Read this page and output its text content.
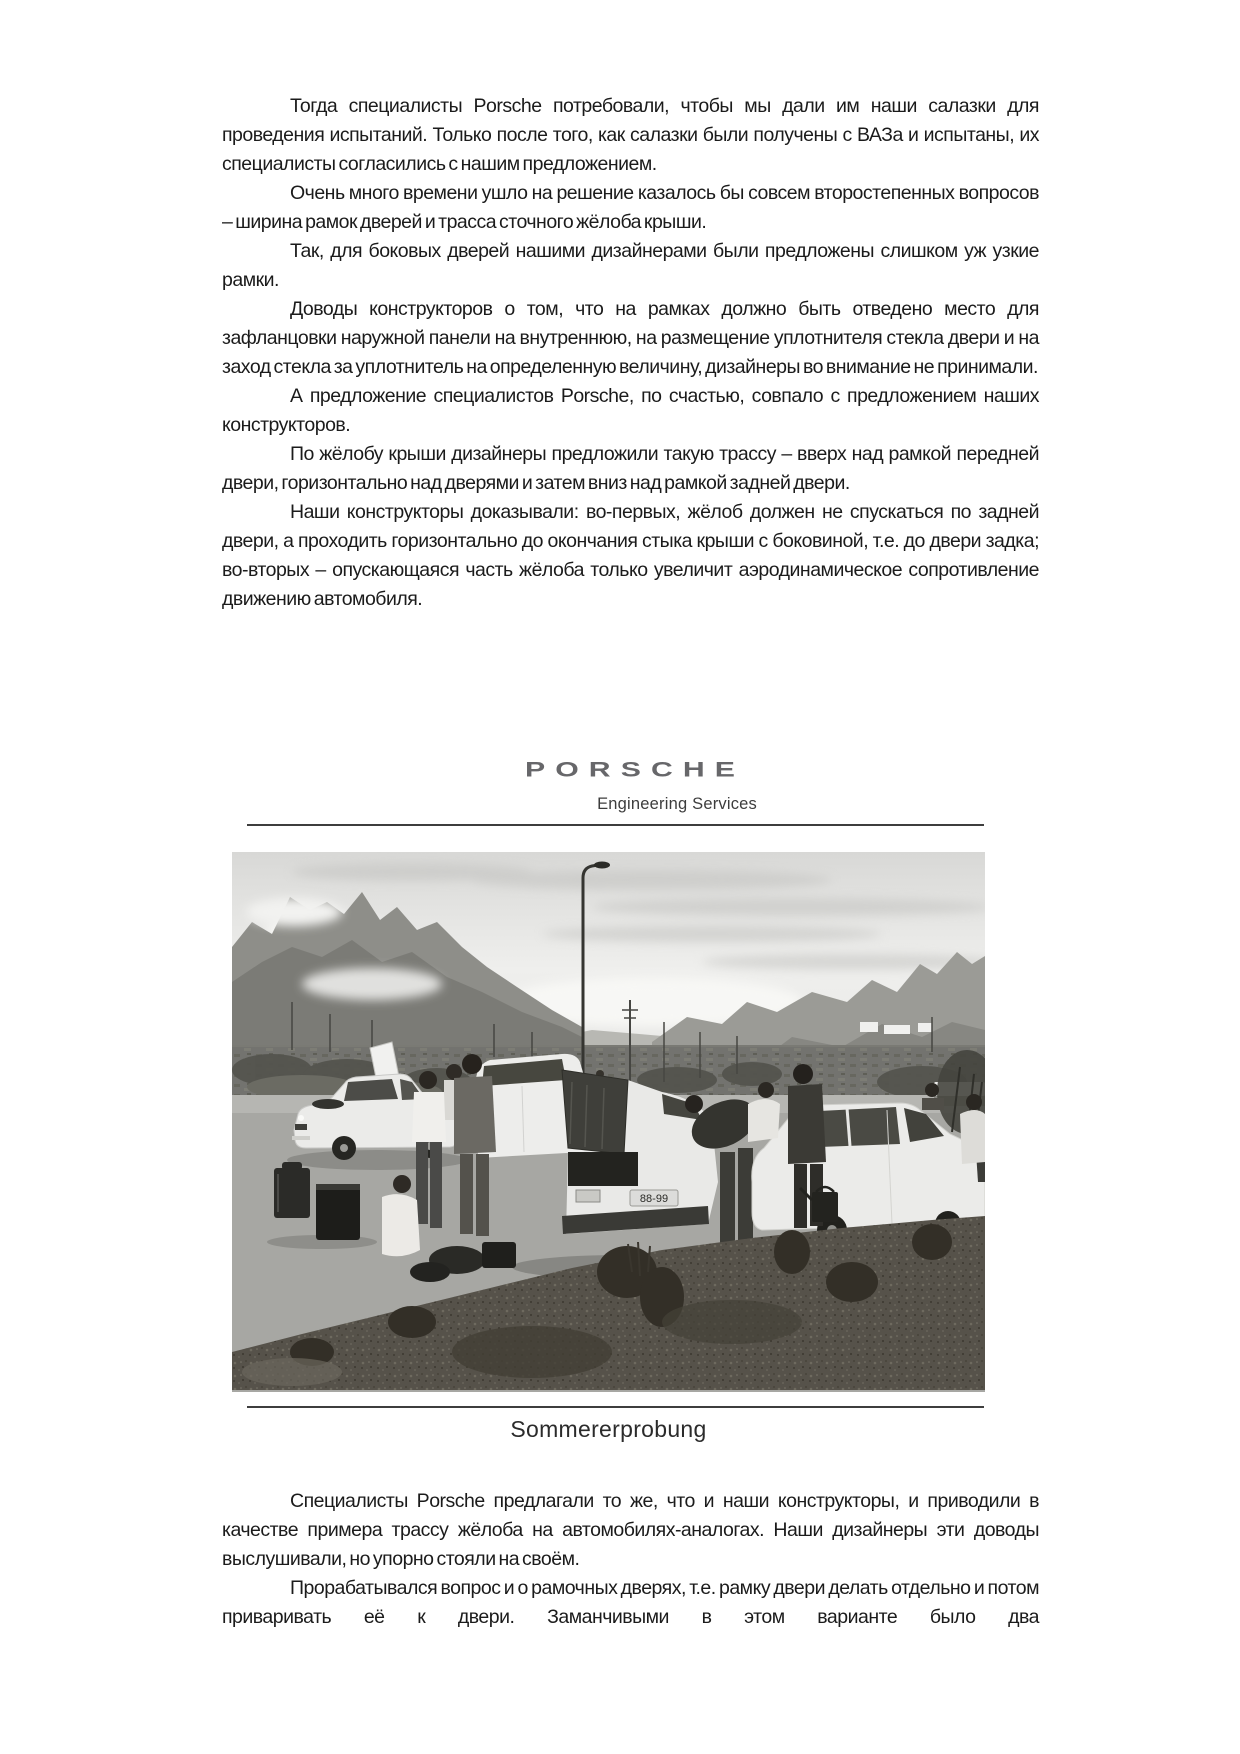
Тогда специалисты Porsche потребовали, чтобы мы дали им наши салазки для проведения испытаний. Только после того, как салазки были получены с ВАЗа и испытаны, их специалисты согласились с нашим предложением.

Очень много времени ушло на решение казалось бы совсем второстепенных вопросов – ширина рамок дверей и трасса сточного жёлоба крыши.

Так, для боковых дверей нашими дизайнерами были предложены слишком уж узкие рамки.

Доводы конструкторов о том, что на рамках должно быть отведено место для зафланцовки наружной панели на внутреннюю, на размещение уплотнителя стекла двери и на заход стекла за уплотнитель на определенную величину, дизайнеры во внимание не принимали.

А предложение специалистов Porsche, по счастью, совпало с предложением наших конструкторов.

По жёлобу крыши дизайнеры предложили такую трассу – вверх над рамкой передней двери, горизонтально над дверями и затем вниз над рамкой задней двери.

Наши конструкторы доказывали: во-первых, жёлоб должен не спускаться по задней двери, а проходить горизонтально до окончания стыка крыши с боковиной, т.е. до двери задка; во-вторых – опускающаяся часть жёлоба только увеличит аэродинамическое сопротивление движению автомобиля.

PORSCHE
Engineering Services
88-99
Sommererprobung

Специалисты Porsche предлагали то же, что и наши конструкторы, и приводили в качестве примера трассу жёлоба на автомобилях-аналогах. Наши дизайнеры эти доводы выслушивали, но упорно стояли на своём.

Прорабатывался вопрос и о рамочных дверях, т.е. рамку двери делать отдельно и потом приваривать её к двери. Заманчивыми в этом варианте было два
